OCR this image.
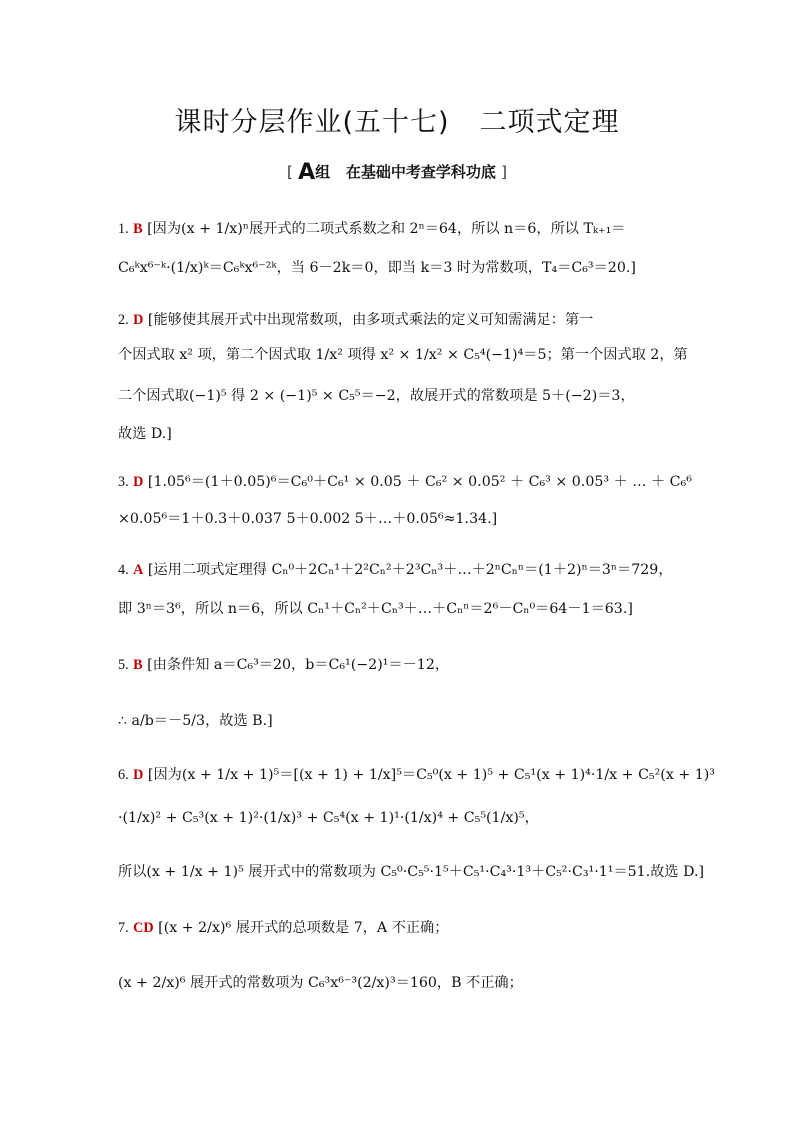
课时分层作业(五十七) 二项式定理
[ A组 在基础中考查学科功底 ]
1. B [因为(x + 1/x)ⁿ展开式的二项式系数之和 2ⁿ＝64，所以 n＝6，所以 Tₖ₊₁＝
C₆ᵏx⁶⁻ᵏ·(1/x)ᵏ＝C₆ᵏx⁶⁻²ᵏ，当 6－2k＝0，即当 k＝3 时为常数项，T₄＝C₆³＝20.]
2. D [能够使其展开式中出现常数项，由多项式乘法的定义可知需满足：第一
个因式取 x² 项，第二个因式取 1/x² 项得 x² × 1/x² × C₅⁴(−1)⁴＝5；第一个因式取 2，第
二个因式取(−1)⁵ 得 2 × (−1)⁵ × C₅⁵＝−2，故展开式的常数项是 5＋(−2)＝3，
故选 D.]
3. D [1.05⁶＝(1＋0.05)⁶＝C₆⁰＋C₆¹ × 0.05 ＋ C₆² × 0.05² ＋ C₆³ × 0.05³ ＋ … ＋ C₆⁶
×0.05⁶＝1＋0.3＋0.037 5＋0.002 5＋…＋0.05⁶≈1.34.]
4. A [运用二项式定理得 Cₙ⁰＋2Cₙ¹＋2²Cₙ²＋2³Cₙ³＋…＋2ⁿCₙⁿ＝(1＋2)ⁿ＝3ⁿ＝729，
即 3ⁿ＝3⁶，所以 n＝6，所以 Cₙ¹＋Cₙ²＋Cₙ³＋…＋Cₙⁿ＝2⁶－Cₙ⁰＝64－1＝63.]
5. B [由条件知 a＝C₆³＝20，b＝C₆¹(−2)¹＝－12，
∴ a/b＝－5/3，故选 B.]
6. D [因为(x + 1/x + 1)⁵＝[(x + 1) + 1/x]⁵＝C₅⁰(x + 1)⁵ + C₅¹(x + 1)⁴·1/x + C₅²(x + 1)³
·(1/x)² + C₅³(x + 1)²·(1/x)³ + C₅⁴(x + 1)¹·(1/x)⁴ + C₅⁵(1/x)⁵，
所以(x + 1/x + 1)⁵ 展开式中的常数项为 C₅⁰·C₅⁵·1⁵＋C₅¹·C₄³·1³＋C₅²·C₃¹·1¹＝51.故选 D.]
7. CD [(x + 2/x)⁶ 展开式的总项数是 7，A 不正确；
(x + 2/x)⁶ 展开式的常数项为 C₆³x⁶⁻³(2/x)³＝160，B 不正确；
